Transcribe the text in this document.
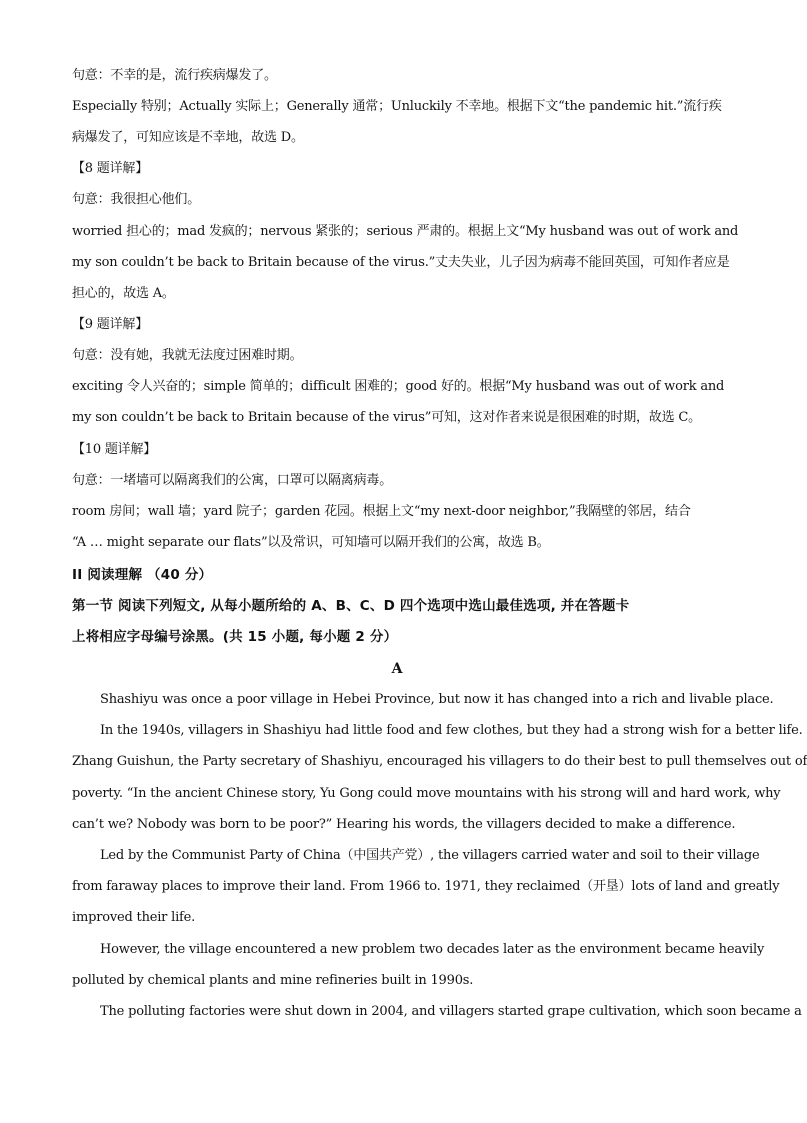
句意：不幸的是，流行疾病爆发了。
Especially 特别；Actually 实际上；Generally 通常；Unluckily 不幸地。根据下文“the pandemic hit.”流行疾
病爆发了，可知应该是不幸地，故选 D。
【8 题详解】
句意：我很担心他们。
worried 担心的；mad 发疯的；nervous 紧张的；serious 严肃的。根据上文“My husband was out of work and
my son couldn’t be back to Britain because of the virus.”丈夫失业，儿子因为病毒不能回英国，可知作者应是
担心的，故选 A。
【9 题详解】
句意：没有她，我就无法度过困难时期。
exciting 令人兴奋的；simple 简单的；difficult 困难的；good 好的。根据“My husband was out of work and
my son couldn’t be back to Britain because of the virus”可知，这对作者来说是很困难的时期，故选 C。
【10 题详解】
句意：一堵墙可以隔离我们的公寓，口罩可以隔离病毒。
room 房间；wall 墙；yard 院子；garden 花园。根据上文“my next-door neighbor,”我隔壁的邻居，结合
“A … might separate our flats”以及常识，可知墙可以隔开我们的公寓，故选 B。
II 阅读理解 （40 分）
第一节 阅读下列短文, 从每小题所给的 A、B、C、D 四个选项中选山最佳选项, 并在答题卡
上将相应字母编号涂黑。(共 15 小题, 每小题 2 分）
A
Shashiyu was once a poor village in Hebei Province, but now it has changed into a rich and livable place.
In the 1940s, villagers in Shashiyu had little food and few clothes, but they had a strong wish for a better life.
Zhang Guishun, the Party secretary of Shashiyu, encouraged his villagers to do their best to pull themselves out of
poverty. “In the ancient Chinese story, Yu Gong could move mountains with his strong will and hard work, why
can’t we? Nobody was born to be poor?” Hearing his words, the villagers decided to make a difference.
Led by the Communist Party of China（中国共产党）, the villagers carried water and soil to their village
from faraway places to improve their land. From 1966 to. 1971, they reclaimed（开垦）lots of land and greatly
improved their life.
However, the village encountered a new problem two decades later as the environment became heavily
polluted by chemical plants and mine refineries built in 1990s.
The polluting factories were shut down in 2004, and villagers started grape cultivation, which soon became a
